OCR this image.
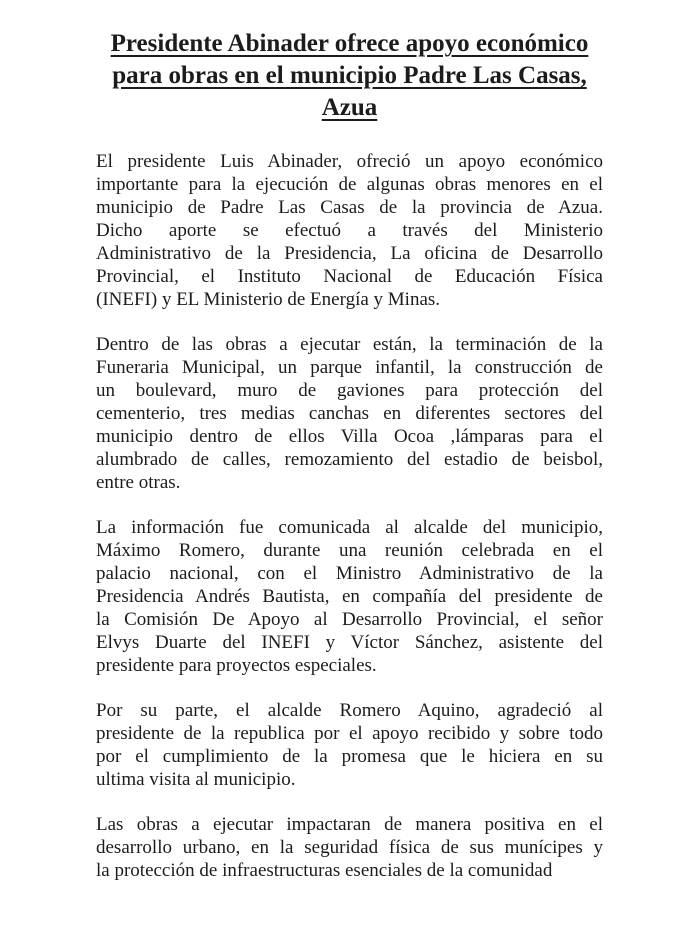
Presidente Abinader ofrece apoyo económico
para obras en el municipio Padre Las Casas,
Azua

El presidente Luis Abinader, ofreció un apoyo económico
importante para la ejecución de algunas obras menores en el
municipio de Padre Las Casas de la provincia de Azua.
Dicho aporte se efectuó a través del Ministerio
Administrativo de la Presidencia, La oficina de Desarrollo
Provincial, el Instituto Nacional de Educación Física
(INEFI) y EL Ministerio de Energía y Minas.

Dentro de las obras a ejecutar están, la terminación de la
Funeraria Municipal, un parque infantil, la construcción de
un boulevard, muro de gaviones para protección del
cementerio, tres medias canchas en diferentes sectores del
municipio dentro de ellos Villa Ocoa ,lámparas para el
alumbrado de calles, remozamiento del estadio de beisbol,
entre otras.

La información fue comunicada al alcalde del municipio,
Máximo Romero, durante una reunión celebrada en el
palacio nacional, con el Ministro Administrativo de la
Presidencia Andrés Bautista, en compañía del presidente de
la Comisión De Apoyo al Desarrollo Provincial, el señor
Elvys Duarte del INEFI y Víctor Sánchez, asistente del
presidente para proyectos especiales.

Por su parte, el alcalde Romero Aquino, agradeció al
presidente de la republica por el apoyo recibido y sobre todo
por el cumplimiento de la promesa que le hiciera en su
ultima visita al municipio.

Las obras a ejecutar impactaran de manera positiva en el
desarrollo urbano, en la seguridad física de sus munícipes y
la protección de infraestructuras esenciales de la comunidad
